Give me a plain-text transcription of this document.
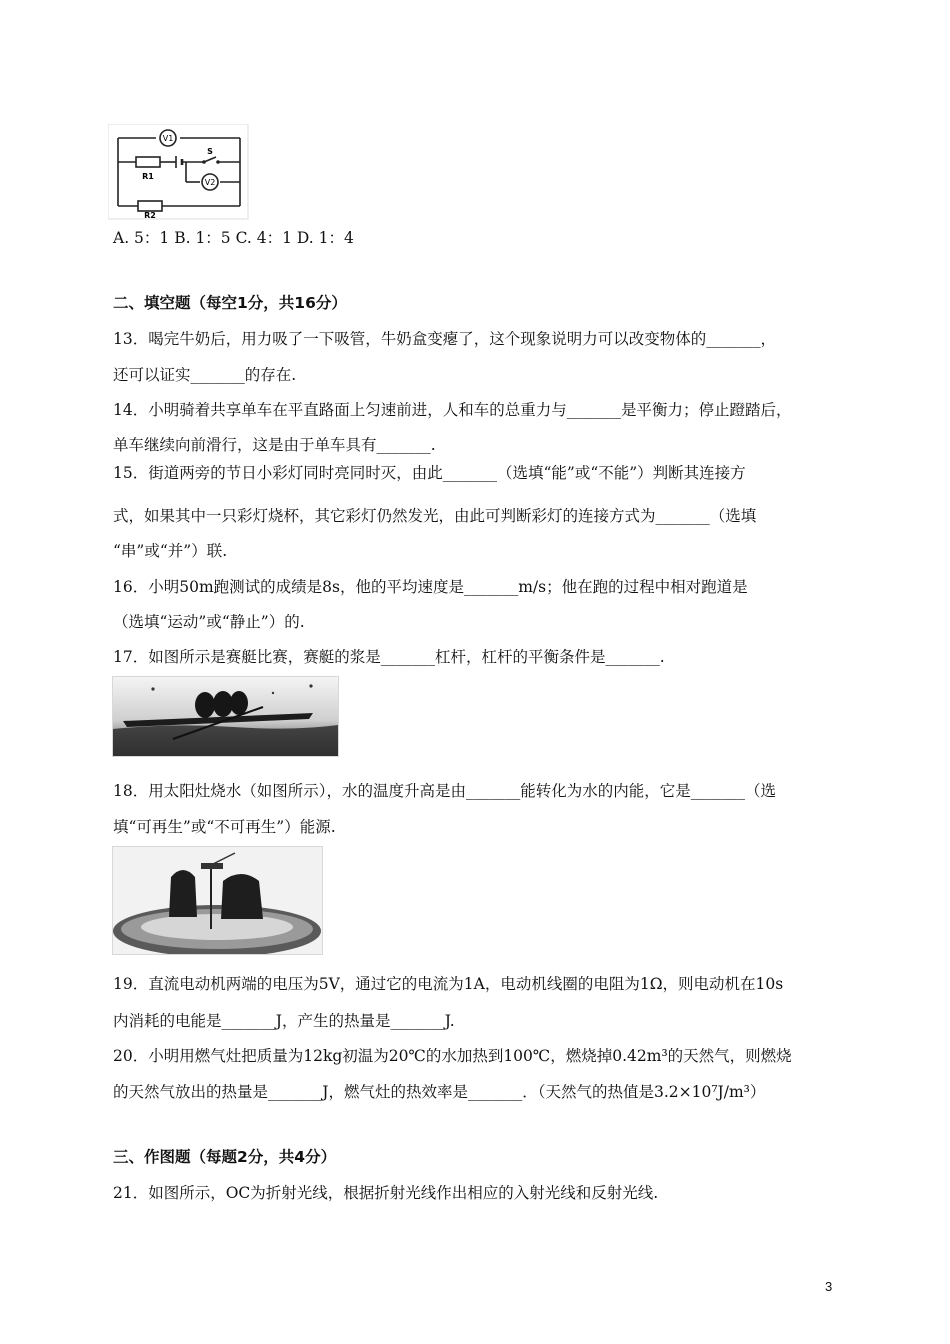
V1
R1
S
V2
R2
A. 5：1 B. 1：5 C. 4：1 D. 1：4
二、填空题（每空1分，共16分）
13．喝完牛奶后，用力吸了一下吸管，牛奶盒变瘪了，这个现象说明力可以改变物体的_______，
还可以证实_______的存在.
14．小明骑着共享单车在平直路面上匀速前进，人和车的总重力与_______是平衡力；停止蹬踏后，
单车继续向前滑行，这是由于单车具有_______.
15．街道两旁的节日小彩灯同时亮同时灭，由此_______（选填“能”或“不能”）判断其连接方
式，如果其中一只彩灯烧杯，其它彩灯仍然发光，由此可判断彩灯的连接方式为_______（选填
“串”或“并”）联.
16．小明50m跑测试的成绩是8s，他的平均速度是_______m/s；他在跑的过程中相对跑道是
（选填“运动”或“静止”）的.
17．如图所示是赛艇比赛，赛艇的浆是_______杠杆，杠杆的平衡条件是_______.
18．用太阳灶烧水（如图所示），水的温度升高是由_______能转化为水的内能，它是_______（选
填“可再生”或“不可再生”）能源.
19．直流电动机两端的电压为5V，通过它的电流为1A，电动机线圈的电阻为1Ω，则电动机在10s
内消耗的电能是_______J，产生的热量是_______J.
20．小明用燃气灶把质量为12kg初温为20℃的水加热到100℃，燃烧掉0.42m³的天然气，则燃烧
的天然气放出的热量是_______J，燃气灶的热效率是_______．（天然气的热值是3.2×10⁷J/m³）
三、作图题（每题2分，共4分）
21．如图所示，OC为折射光线，根据折射光线作出相应的入射光线和反射光线.
3
